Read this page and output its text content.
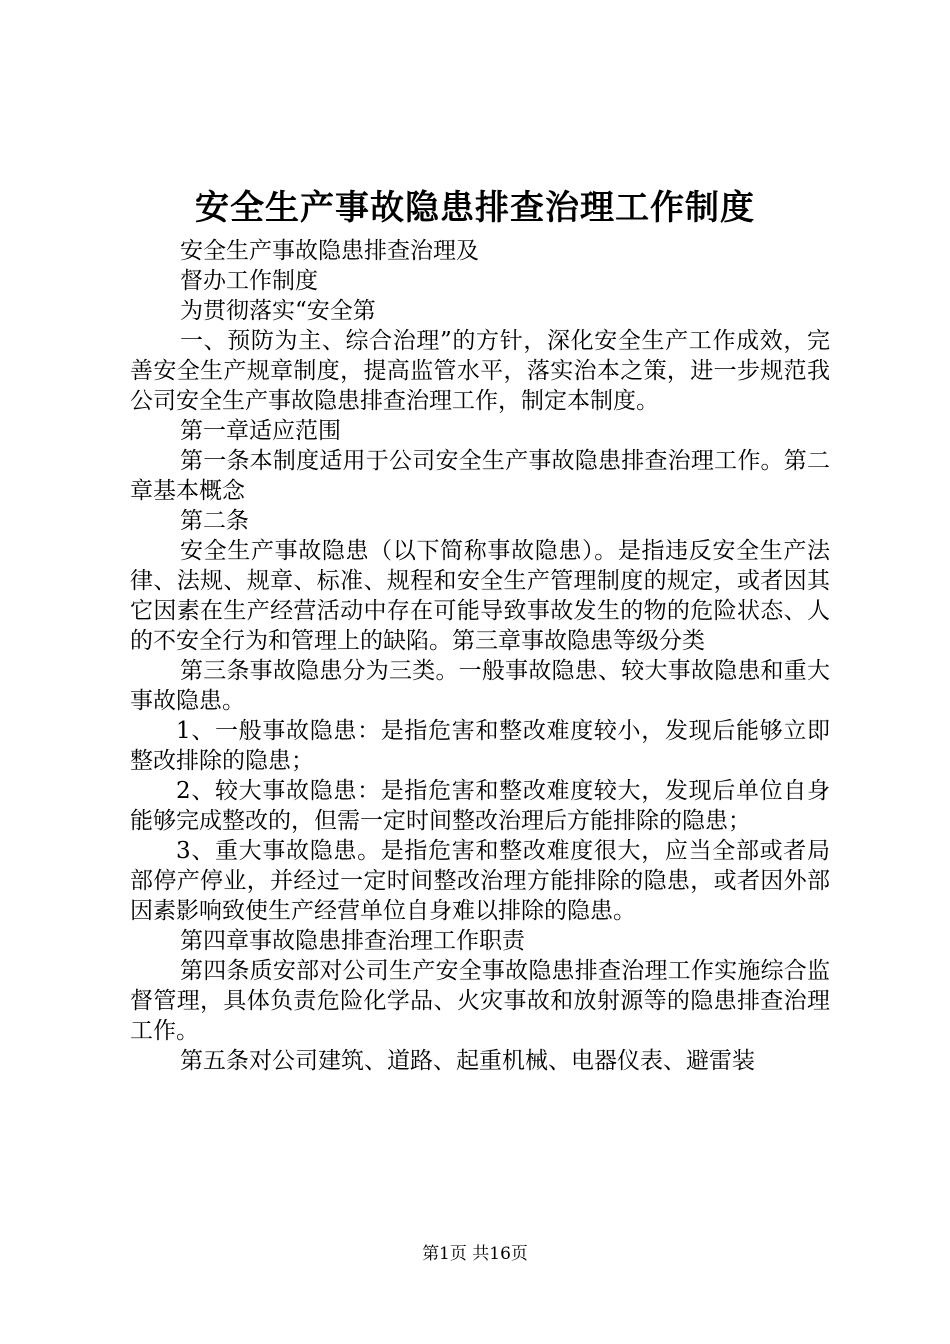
安全生产事故隐患排查治理工作制度

安全生产事故隐患排查治理及

督办工作制度

为贯彻落实“安全第

一、预防为主、综合治理”的方针，深化安全生产工作成效，完善安全生产规章制度，提高监管水平，落实治本之策，进一步规范我公司安全生产事故隐患排查治理工作，制定本制度。

第一章适应范围

第一条本制度适用于公司安全生产事故隐患排查治理工作。第二章基本概念

第二条

安全生产事故隐患（以下简称事故隐患）。是指违反安全生产法律、法规、规章、标准、规程和安全生产管理制度的规定，或者因其它因素在生产经营活动中存在可能导致事故发生的物的危险状态、人的不安全行为和管理上的缺陷。第三章事故隐患等级分类

第三条事故隐患分为三类。一般事故隐患、较大事故隐患和重大事故隐患。

1、一般事故隐患：是指危害和整改难度较小，发现后能够立即整改排除的隐患；

2、较大事故隐患：是指危害和整改难度较大，发现后单位自身能够完成整改的，但需一定时间整改治理后方能排除的隐患；

3、重大事故隐患。是指危害和整改难度很大，应当全部或者局部停产停业，并经过一定时间整改治理方能排除的隐患，或者因外部因素影响致使生产经营单位自身难以排除的隐患。

第四章事故隐患排查治理工作职责

第四条质安部对公司生产安全事故隐患排查治理工作实施综合监督管理，具体负责危险化学品、火灾事故和放射源等的隐患排查治理工作。

第五条对公司建筑、道路、起重机械、电器仪表、避雷装

第1页 共16页
